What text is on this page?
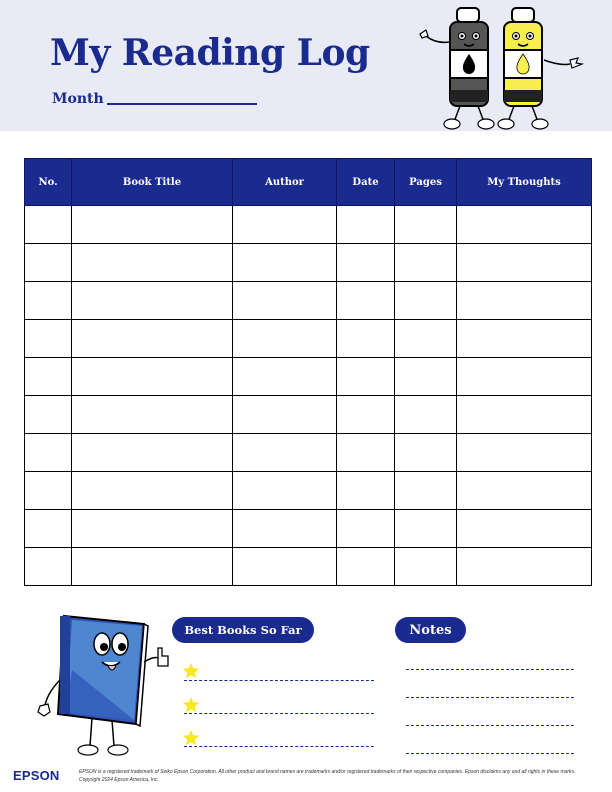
My Reading Log
Month
No.	Book Title	Author	Date	Pages	My Thoughts

Best Books So Far	Notes
EPSON	EPSON is a registered trademark of Seiko Epson Corporation. All other product and brand names are trademarks and/or registered trademarks of their respective companies. Epson disclaims any and all rights in these marks.
Copyright 2024 Epson America, Inc.
